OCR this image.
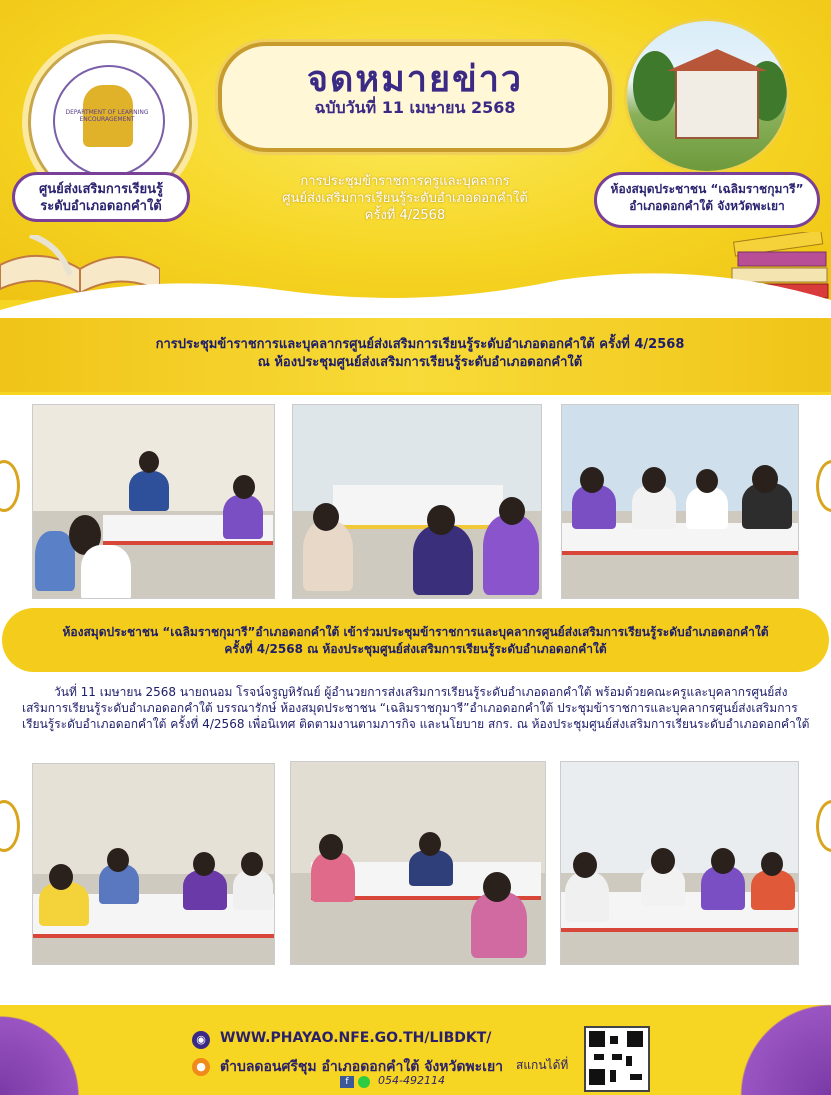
DEPARTMENT OF LEARNING ENCOURAGEMENT
จดหมายข่าว
ฉบับวันที่ 11 เมษายน 2568
ศูนย์ส่งเสริมการเรียนรู้
ระดับอำเภอดอกคำใต้
การประชุมข้าราชการครูและบุคลากร
ศูนย์ส่งเสริมการเรียนรู้ระดับอำเภอดอกคำใต้
ครั้งที่ 4/2568
ห้องสมุดประชาชน “เฉลิมราชกุมารี”
อำเภอดอกคำใต้ จังหวัดพะเยา
การประชุมข้าราชการและบุคลากรศูนย์ส่งเสริมการเรียนรู้ระดับอำเภอดอกคำใต้ ครั้งที่ 4/2568
ณ ห้องประชุมศูนย์ส่งเสริมการเรียนรู้ระดับอำเภอดอกคำใต้
ห้องสมุดประชาชน “เฉลิมราชกุมารี”อำเภอดอกคำใต้ เข้าร่วมประชุมข้าราชการและบุคลากรศูนย์ส่งเสริมการเรียนรู้ระดับอำเภอดอกคำใต้
ครั้งที่ 4/2568 ณ ห้องประชุมศูนย์ส่งเสริมการเรียนรู้ระดับอำเภอดอกคำใต้
วันที่ 11 เมษายน 2568 นายถนอม โรจน์จรูญหิรัณย์ ผู้อำนวยการส่งเสริมการเรียนรู้ระดับอำเภอดอกคำใต้ พร้อมด้วยคณะครูและบุคลากรศูนย์ส่งเสริมการเรียนรู้ระดับอำเภอดอกคำใต้ บรรณารักษ์ ห้องสมุดประชาชน “เฉลิมราชกุมารี”อำเภอดอกคำใต้ ประชุมข้าราชการและบุคลากรศูนย์ส่งเสริมการเรียนรู้ระดับอำเภอดอกคำใต้ ครั้งที่ 4/2568 เพื่อนิเทศ ติดตามงานตามภารกิจ และนโยบาย สกร. ณ ห้องประชุมศูนย์ส่งเสริมการเรียนระดับอำเภอดอกคำใต้
◉	WWW.PHAYAO.NFE.GO.TH/LIBDKT/
●	ตำบลดอนศรีชุม อำเภอดอกคำใต้ จังหวัดพะเยา
f	054-492114
สแกนได้ที่
